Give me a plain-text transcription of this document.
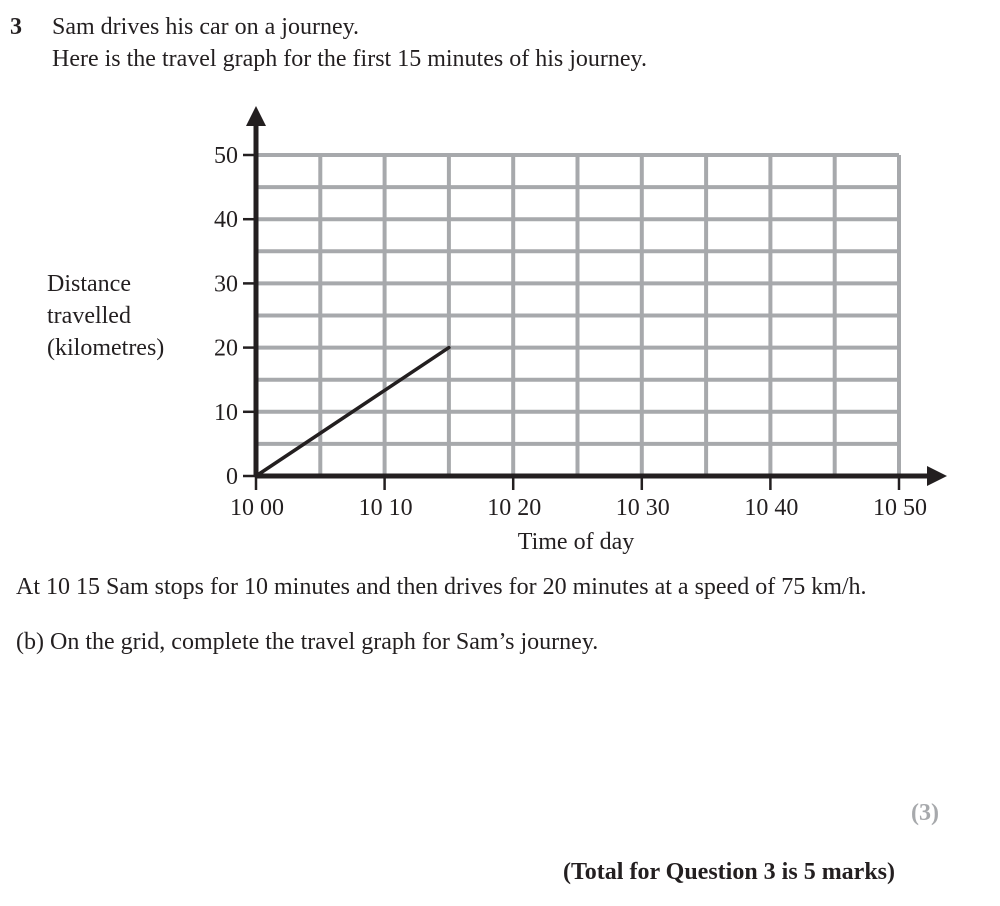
3 Sam drives his car on a journey.
Here is the travel graph for the first 15 minutes of his journey.
Distance
travelled
(kilometres)
0
10
20
30
40
50
10 00	10 10	10 20	10 30	10 40	10 50
Time of day
At 10 15 Sam stops for 10 minutes and then drives for 20 minutes at a speed of 75 km/h.
(b) On the grid, complete the travel graph for Sam’s journey.
(3)
(Total for Question 3 is 5 marks)
